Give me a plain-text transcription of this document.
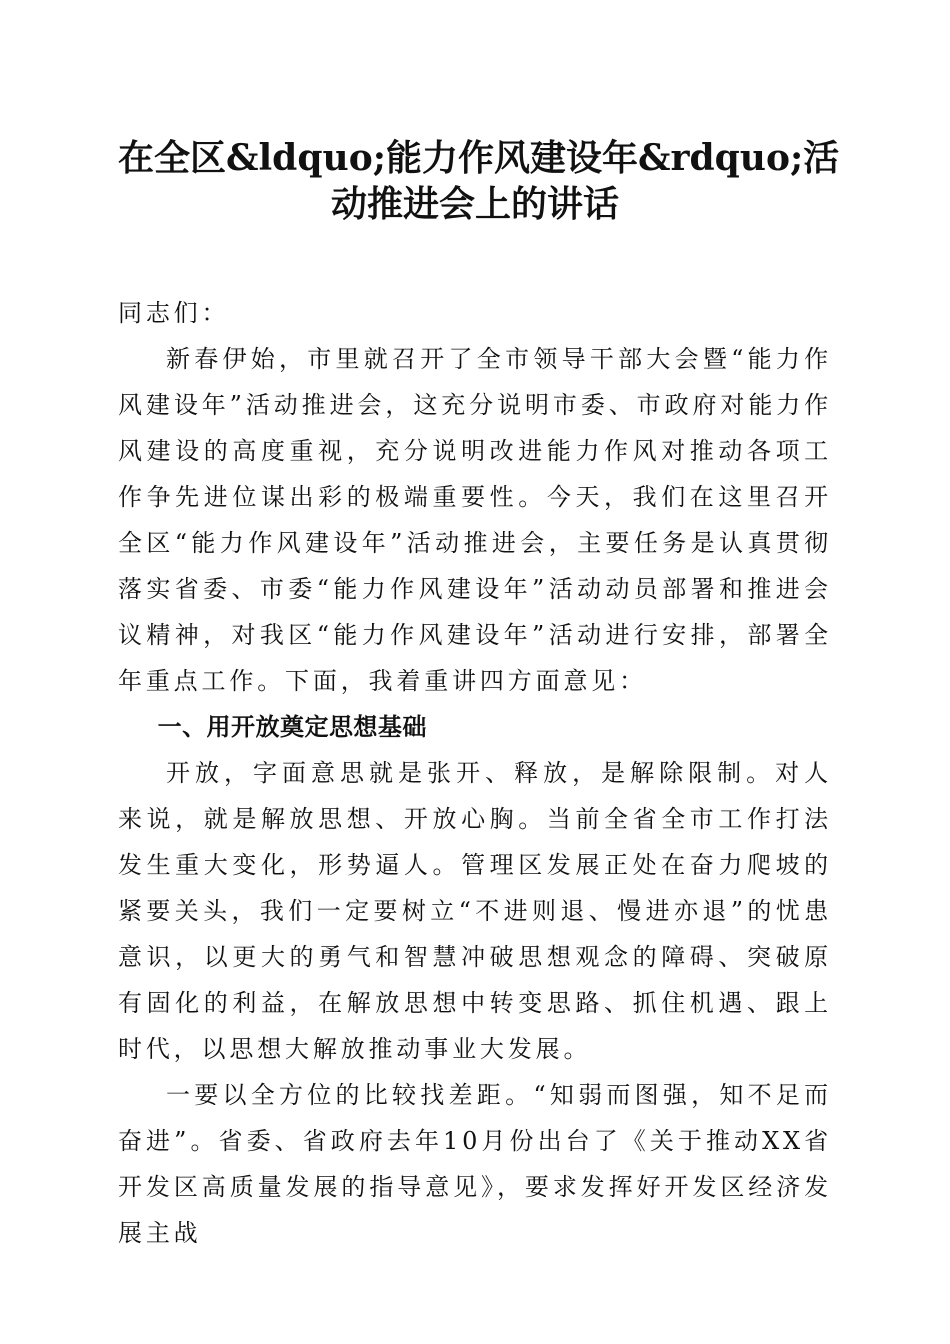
在全区&ldquo;能力作风建设年&rdquo;活
动推进会上的讲话

同志们：

新春伊始，市里就召开了全市领导干部大会暨“能力作风建设年”活动推进会，这充分说明市委、市政府对能力作风建设的高度重视，充分说明改进能力作风对推动各项工作争先进位谋出彩的极端重要性。今天，我们在这里召开全区“能力作风建设年”活动推进会，主要任务是认真贯彻落实省委、市委“能力作风建设年”活动动员部署和推进会议精神，对我区“能力作风建设年”活动进行安排，部署全年重点工作。下面，我着重讲四方面意见：

一、用开放奠定思想基础

开放，字面意思就是张开、释放，是解除限制。对人来说，就是解放思想、开放心胸。当前全省全市工作打法发生重大变化，形势逼人。管理区发展正处在奋力爬坡的紧要关头，我们一定要树立“不进则退、慢进亦退”的忧患意识，以更大的勇气和智慧冲破思想观念的障碍、突破原有固化的利益，在解放思想中转变思路、抓住机遇、跟上时代，以思想大解放推动事业大发展。

一要以全方位的比较找差距。“知弱而图强，知不足而奋进”。省委、省政府去年10月份出台了《关于推动XX省开发区高质量发展的指导意见》，要求发挥好开发区经济发展主战
